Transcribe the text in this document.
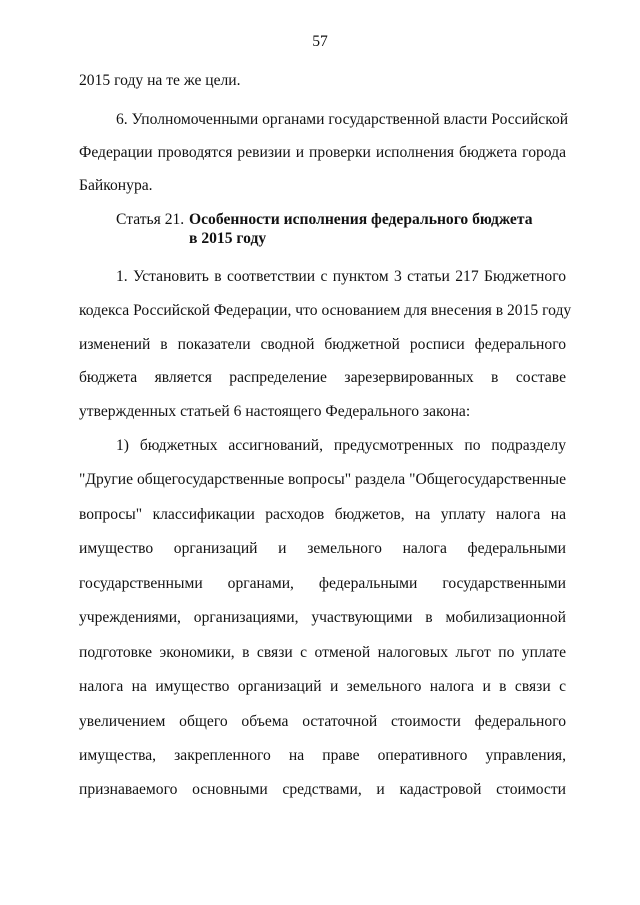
57
2015 году на те же цели.
6. Уполномоченными органами государственной власти Российской
Федерации проводятся ревизии и проверки исполнения бюджета города
Байконура.
Статья 21. Особенности исполнения федерального бюджета
в 2015 году
1. Установить в соответствии с пунктом 3 статьи 217 Бюджетного
кодекса Российской Федерации, что основанием для внесения в 2015 году
изменений в показатели сводной бюджетной росписи федерального
бюджета является распределение зарезервированных в составе
утвержденных статьей 6 настоящего Федерального закона:
1) бюджетных ассигнований, предусмотренных по подразделу
"Другие общегосударственные вопросы" раздела "Общегосударственные
вопросы" классификации расходов бюджетов, на уплату налога на
имущество организаций и земельного налога федеральными
государственными органами, федеральными государственными
учреждениями, организациями, участвующими в мобилизационной
подготовке экономики, в связи с отменой налоговых льгот по уплате
налога на имущество организаций и земельного налога и в связи с
увеличением общего объема остаточной стоимости федерального
имущества, закрепленного на праве оперативного управления,
признаваемого основными средствами, и кадастровой стоимости
